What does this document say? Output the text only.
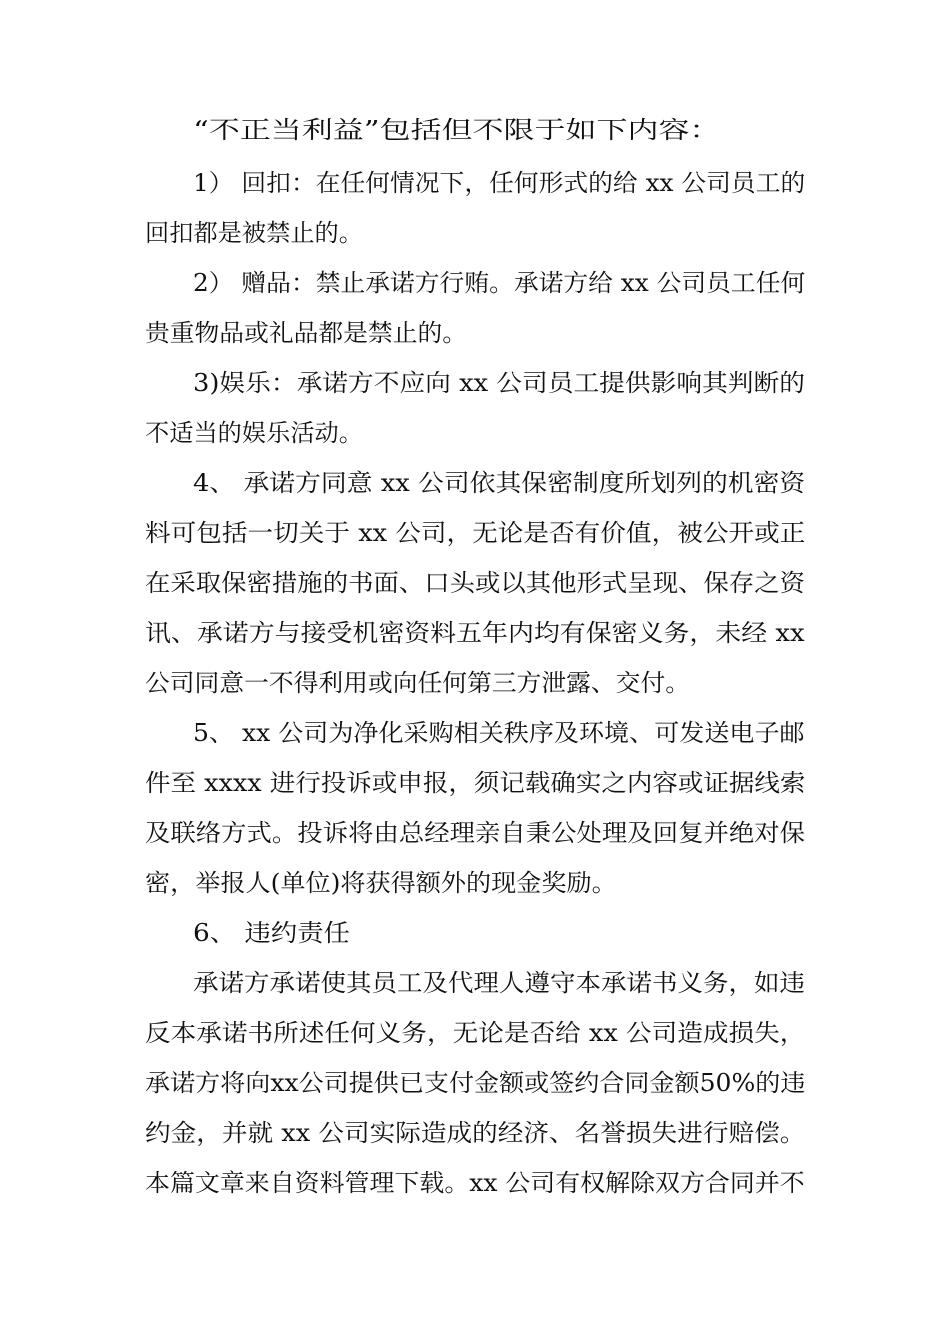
“不正当利益”包括但不限于如下内容：
1） 回扣：在任何情况下，任何形式的给 xx 公司员工的
回扣都是被禁止的。
2） 赠品：禁止承诺方行贿。承诺方给 xx 公司员工任何
贵重物品或礼品都是禁止的。
3)娱乐：承诺方不应向 xx 公司员工提供影响其判断的
不适当的娱乐活动。
4、 承诺方同意 xx 公司依其保密制度所划列的机密资
料可包括一切关于 xx 公司，无论是否有价值，被公开或正
在采取保密措施的书面、口头或以其他形式呈现、保存之资
讯、承诺方与接受机密资料五年内均有保密义务，未经 xx
公司同意一不得利用或向任何第三方泄露、交付。
5、 xx 公司为净化采购相关秩序及环境、可发送电子邮
件至 xxxx 进行投诉或申报，须记载确实之内容或证据线索
及联络方式。投诉将由总经理亲自秉公处理及回复并绝对保
密，举报人(单位)将获得额外的现金奖励。
6、 违约责任
承诺方承诺使其员工及代理人遵守本承诺书义务，如违
反本承诺书所述任何义务，无论是否给 xx 公司造成损失，
承诺方将向xx公司提供已支付金额或签约合同金额50%的违
约金，并就 xx 公司实际造成的经济、名誉损失进行赔偿。
本篇文章来自资料管理下载。xx 公司有权解除双方合同并不
